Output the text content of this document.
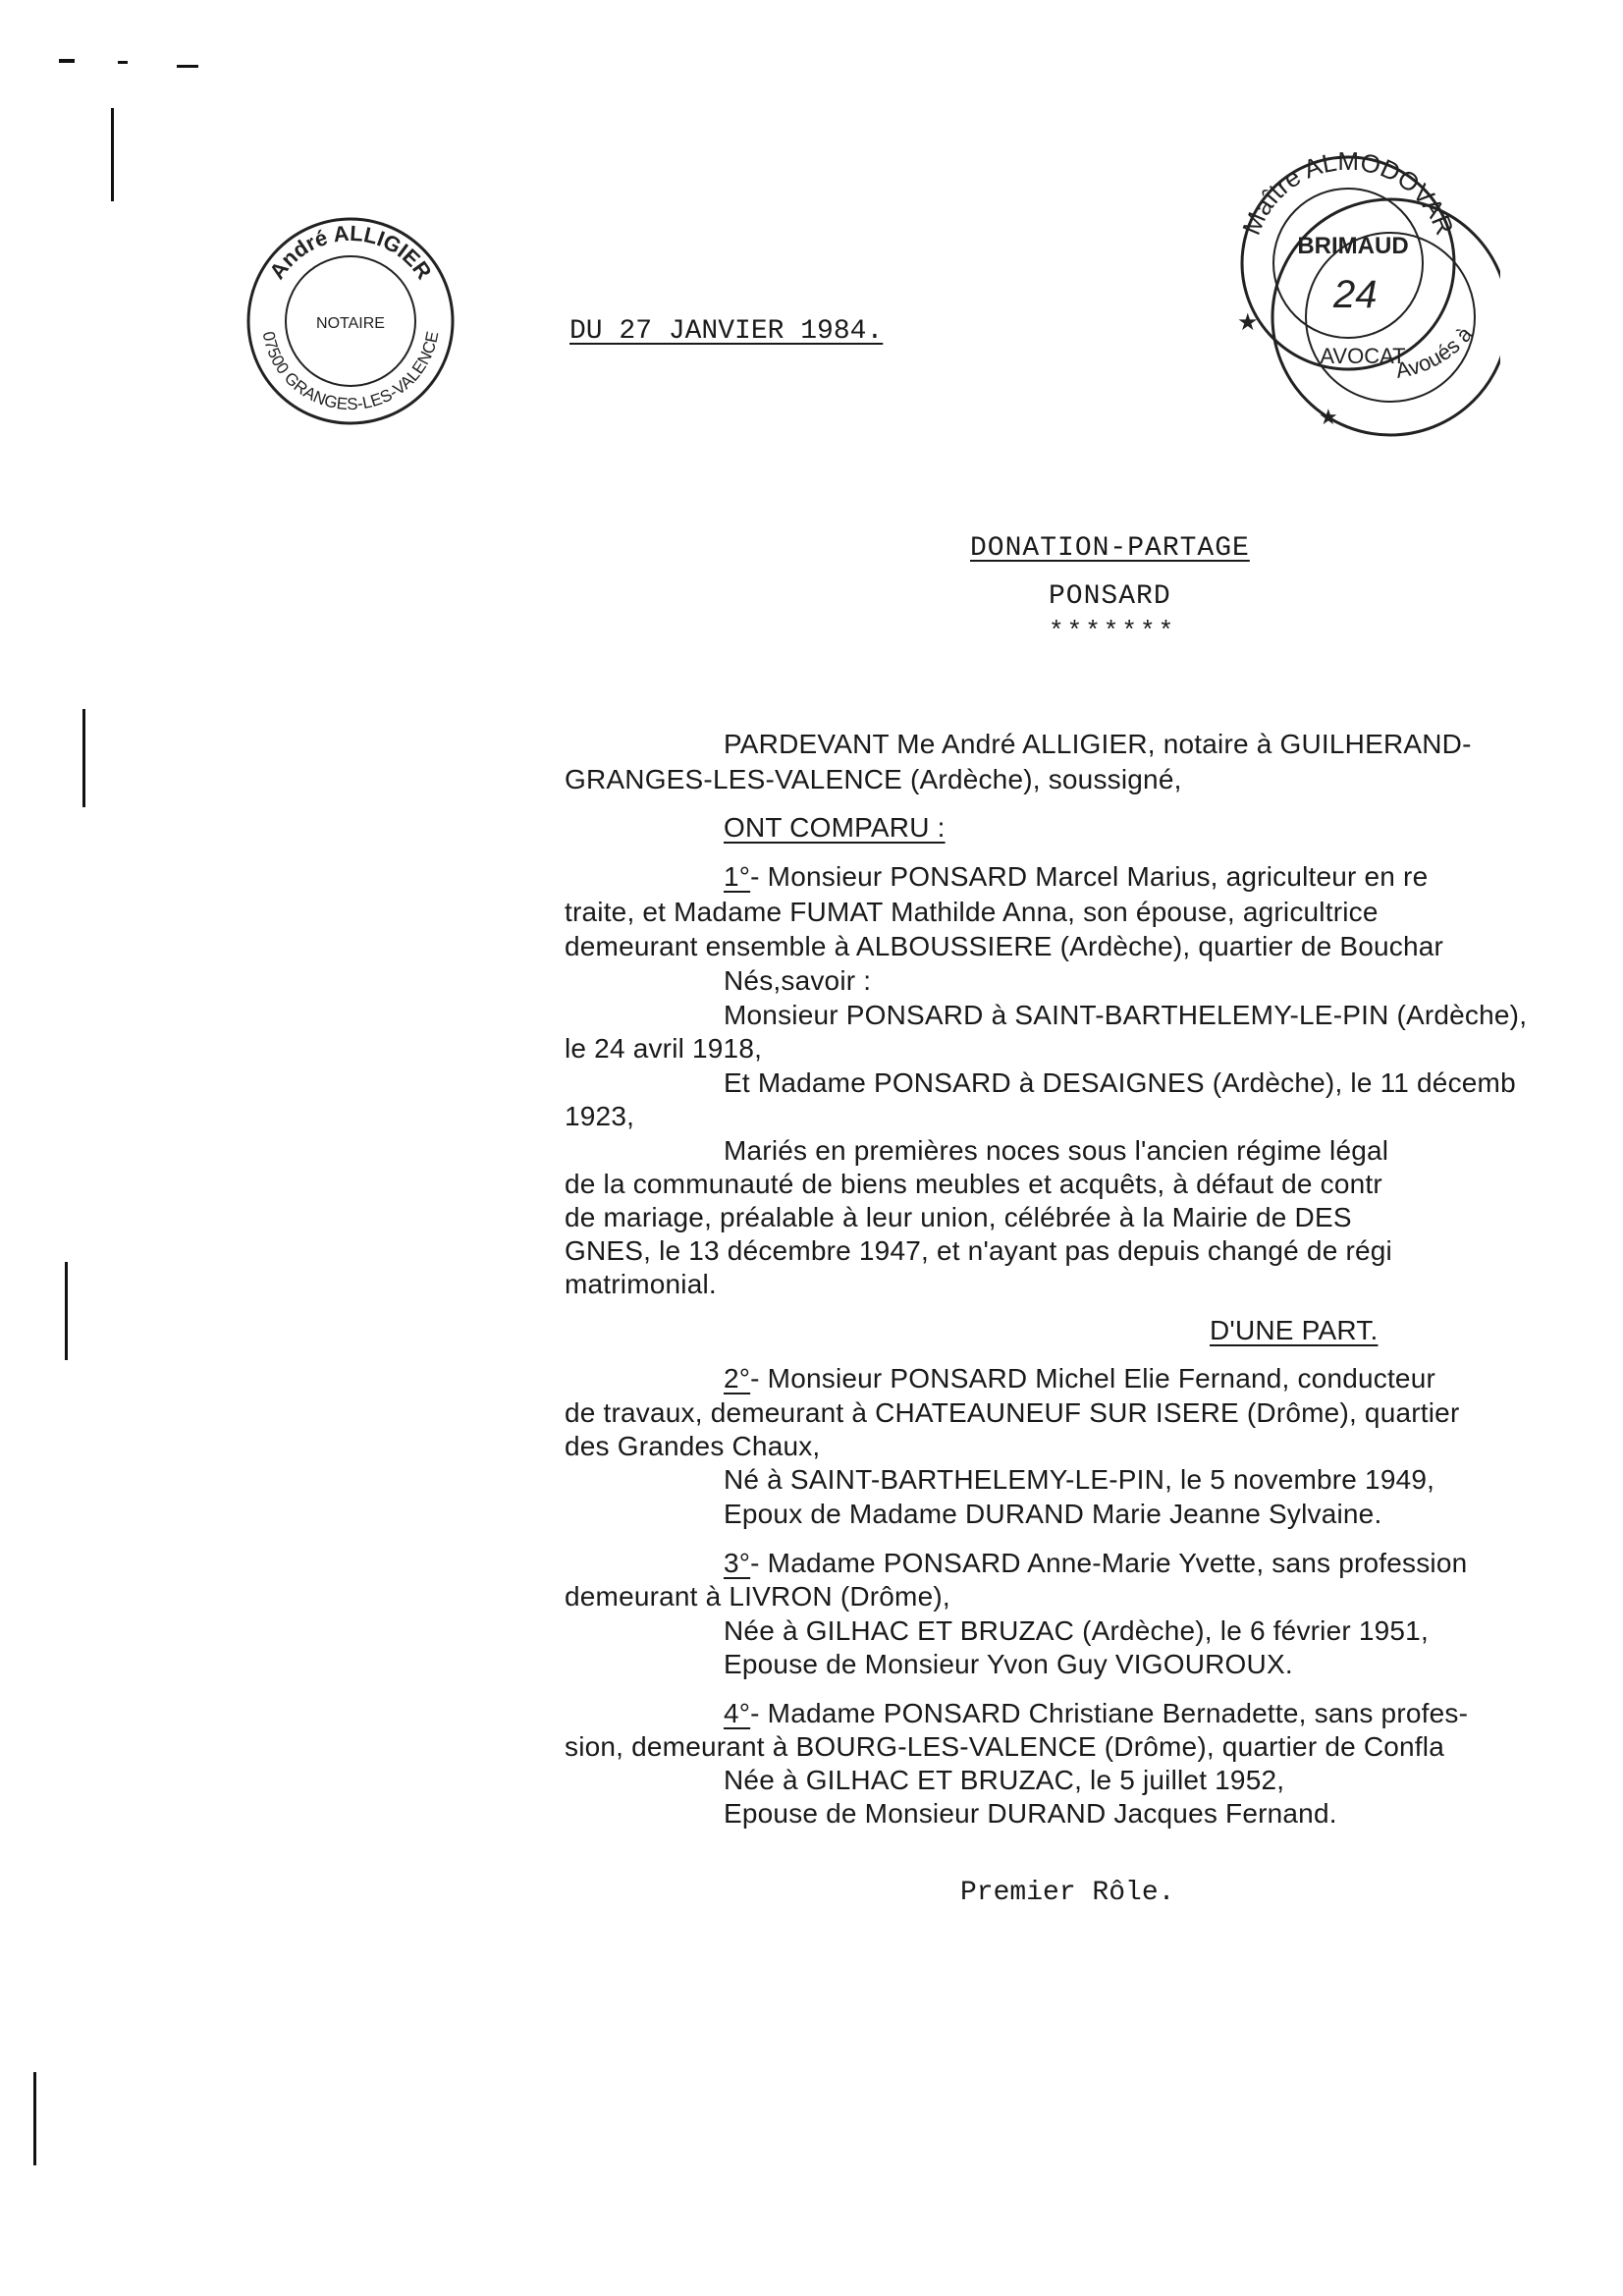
André ALLIGIER
07500 GRANGES-LES-VALENCE
NOTAIRE
Maître ALMODOVAR
Avoués à
BRIMAUD
AVOCAT
24
★
★
DU 27 JANVIER 1984.
DONATION-PARTAGE
PONSARD
*******
PARDEVANT Me André ALLIGIER, notaire à GUILHERAND-
GRANGES-LES-VALENCE (Ardèche), soussigné,
ONT COMPARU :
1°- Monsieur PONSARD Marcel Marius, agriculteur en re
traite, et Madame FUMAT Mathilde Anna, son épouse, agricultrice
demeurant ensemble à ALBOUSSIERE (Ardèche), quartier de Bouchar
Nés,savoir :
Monsieur PONSARD à SAINT-BARTHELEMY-LE-PIN (Ardèche),
le 24 avril 1918,
Et Madame PONSARD à DESAIGNES (Ardèche), le 11 décemb
1923,
Mariés en premières noces sous l'ancien régime légal
de la communauté de biens meubles et acquêts, à défaut de contr
de mariage, préalable à leur union, célébrée à la Mairie de DES
GNES, le 13 décembre 1947, et n'ayant pas depuis changé de régi
matrimonial.
D'UNE PART.
2°- Monsieur PONSARD Michel Elie Fernand, conducteur
de travaux, demeurant à CHATEAUNEUF SUR ISERE (Drôme), quartier
des Grandes Chaux,
Né à SAINT-BARTHELEMY-LE-PIN, le 5 novembre 1949,
Epoux de Madame DURAND Marie Jeanne Sylvaine.
3°- Madame PONSARD Anne-Marie Yvette, sans profession
demeurant à LIVRON (Drôme),
Née à GILHAC ET BRUZAC (Ardèche), le 6 février 1951,
Epouse de Monsieur Yvon Guy VIGOUROUX.
4°- Madame PONSARD Christiane Bernadette, sans profes-
sion, demeurant à BOURG-LES-VALENCE (Drôme), quartier de Confla
Née à GILHAC ET BRUZAC, le 5 juillet 1952,
Epouse de Monsieur DURAND Jacques Fernand.
Premier Rôle.
